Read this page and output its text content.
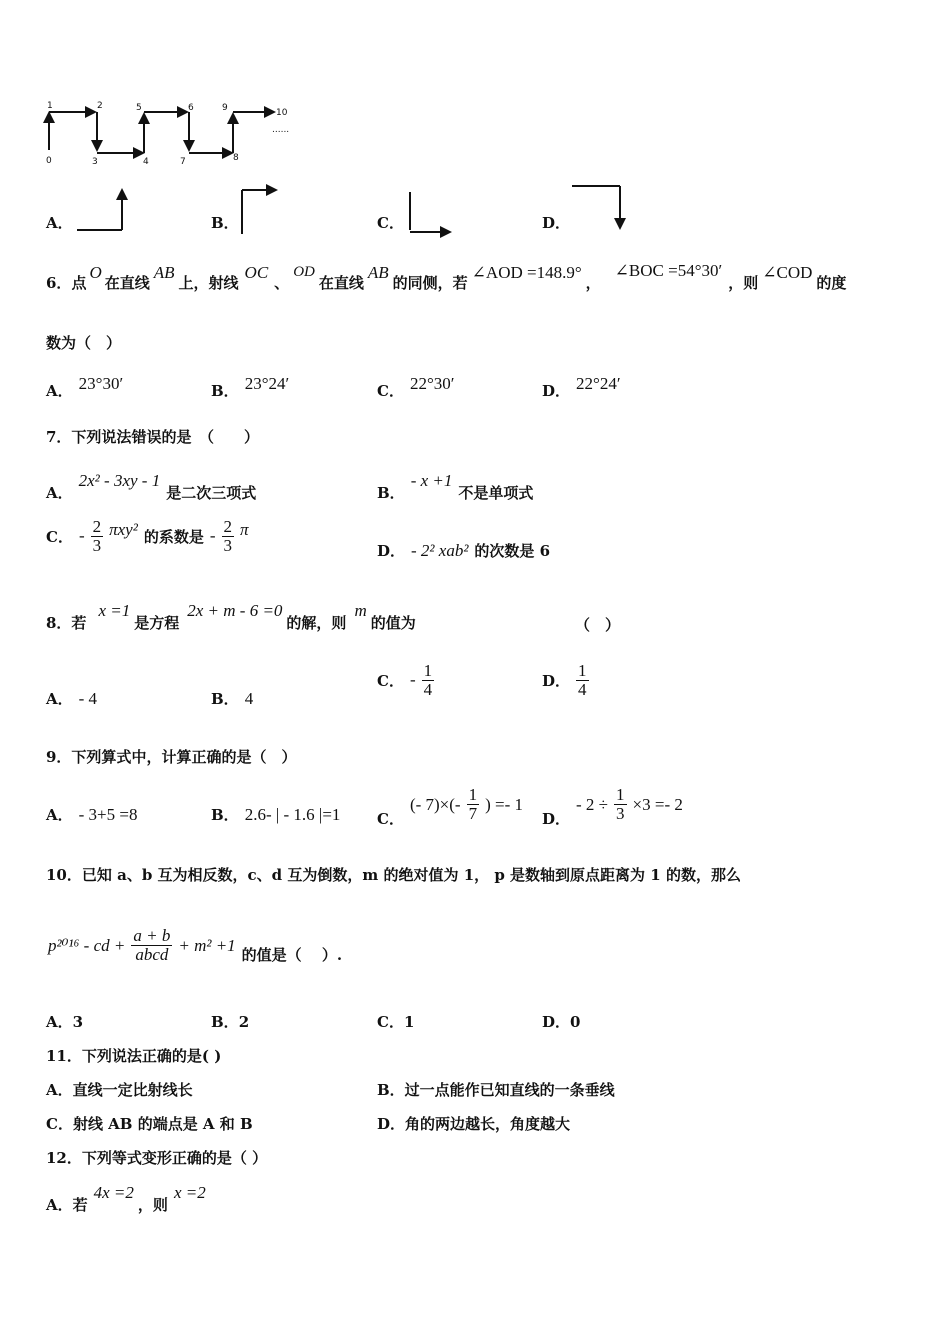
0
1	2
3	4
5	6
7	8
9	10
......
A．	B．	C．	D．
6． 点
O
在直线
AB
上，射线
OC
、
OD
在直线
AB
的同侧，若
∠AOD =148.9°
，
∠BOC =54°30′
，则
∠COD
的度
数为（　）
A． 23°30′	B． 23°24′	C． 22°30′	D． 22°24′
7．下列说法错误的是　（　　）
A．
2x² - 3xy - 1
是二次三项式	B．
- x +1
不是单项式
C． - $\frac{2}{3} \pi xy^2$ 的系数是 - $\frac{2}{3}$ π
D． - 2² xab² 的次数是 6
8．若
x =1
是方程
2x + m - 6 =0
的解，则
m
的值为	（　）
A． - 4	B． 4
C． - $\frac{1}{4}$	D． $\frac{1}{4}$
9．下列算式中，计算正确的是（　）
A． - 3+5 =8	B． 2.6- | - 1.6 |=1 C．
(- $7)\times(- \frac{1}{7}$ ) =- 1
D．
- $2 \div \frac{1}{3} \times 3 =- 2$
10．已知 a、b 互为相反数，c、d 互为倒数，m 的绝对值为 1， p 是数轴到原点距离为 1 的数，那么
p²⁰¹⁶ - cd + $\frac{a + b}{\text{abcd}} + m^2 +1$
的值是（　 ）.
A．3	B．2	C．1	D．0
11．下列说法正确的是( )
A．直线一定比射线长	B．过一点能作已知直线的一条垂线
C．射线 AB 的端点是 A 和 B	D．角的两边越长，角度越大
12．下列等式变形正确的是（ ）
A．若
4x =2
，则
x =2
